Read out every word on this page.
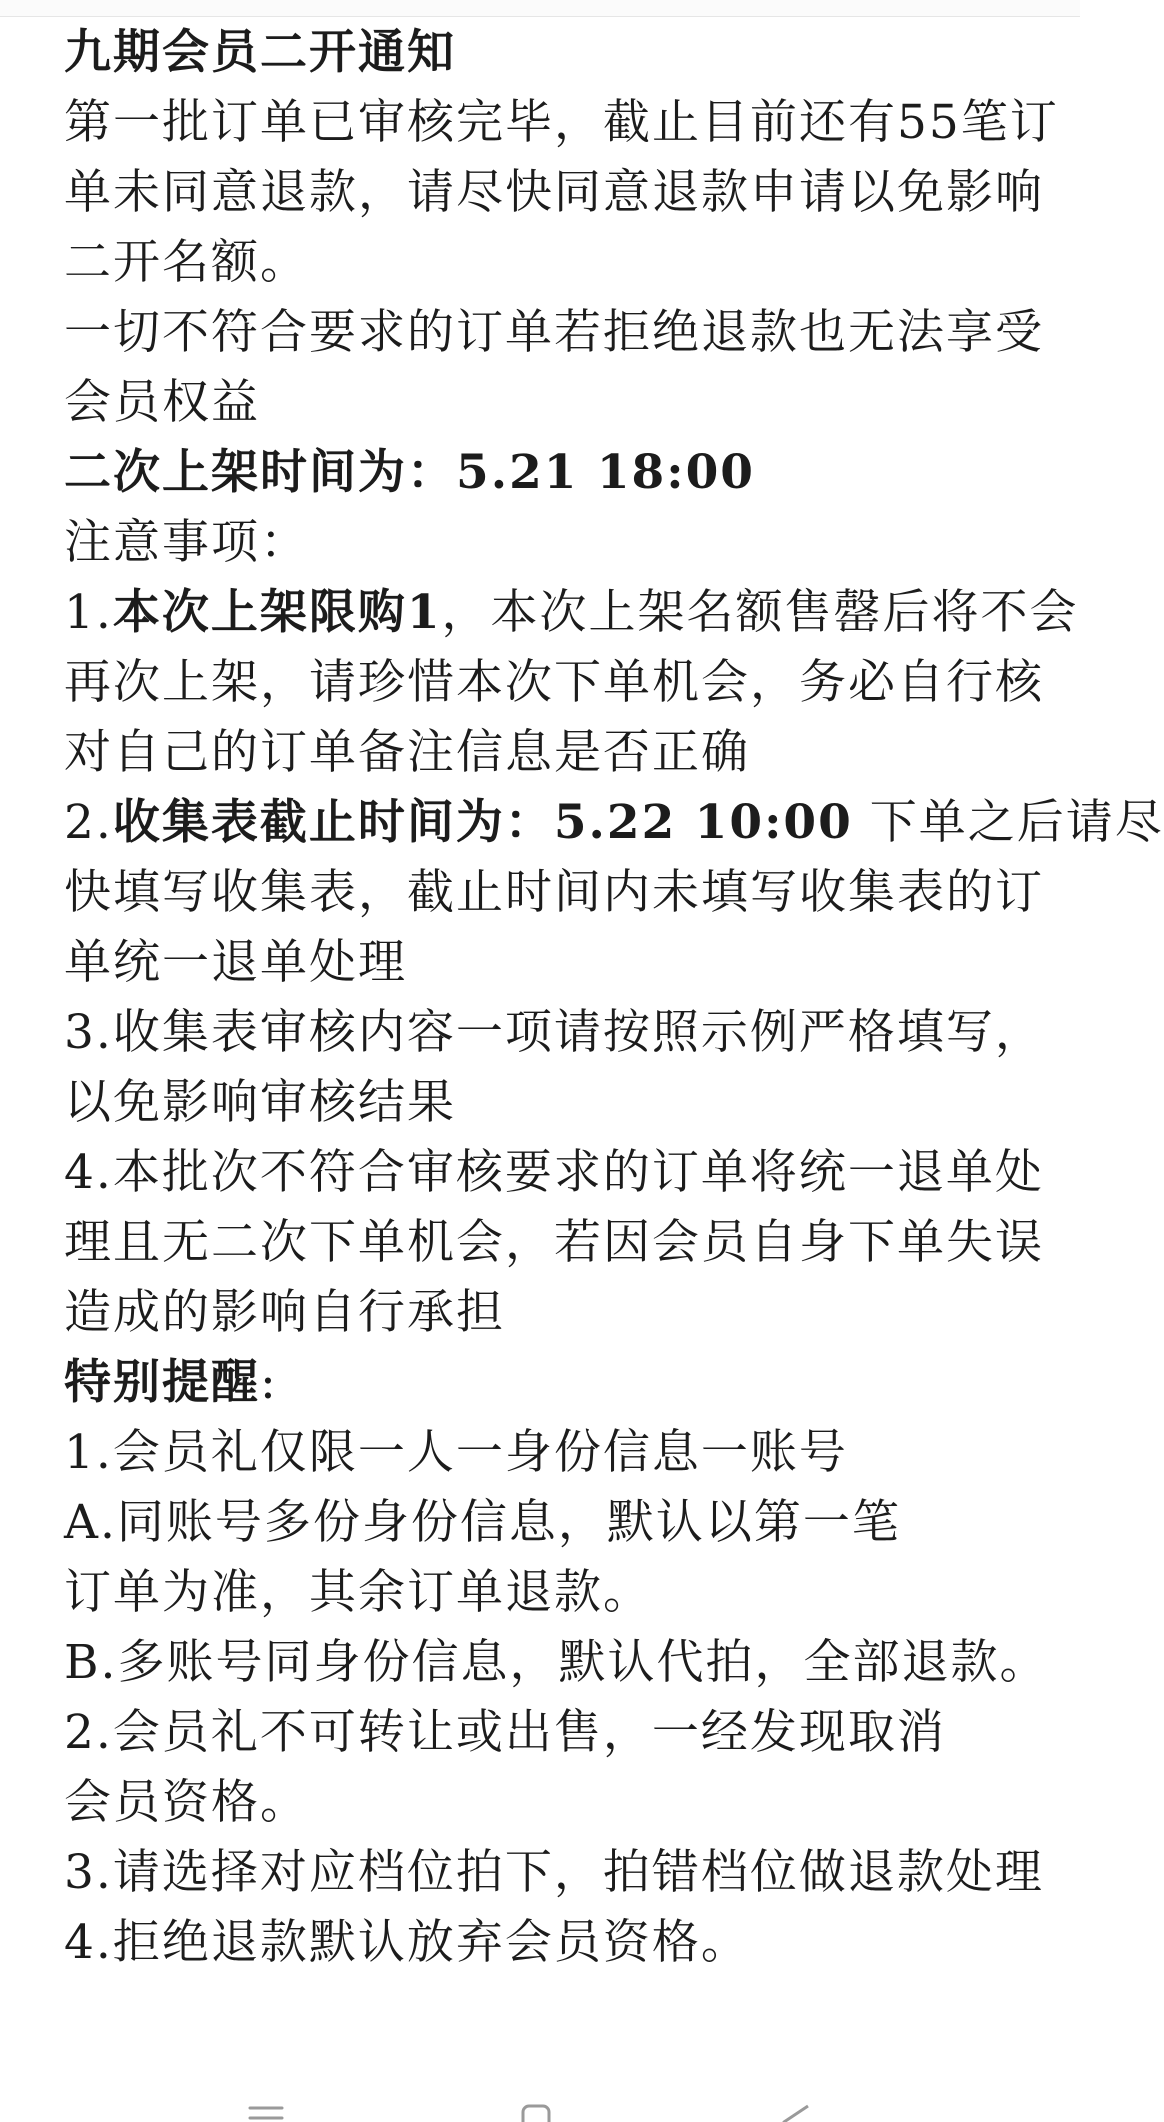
九期会员二开通知
第一批订单已审核完毕，截止目前还有55笔订
单未同意退款，请尽快同意退款申请以免影响
二开名额。
一切不符合要求的订单若拒绝退款也无法享受
会员权益
二次上架时间为：5.21 18:00
注意事项：
1.本次上架限购1，本次上架名额售罄后将不会
再次上架，请珍惜本次下单机会，务必自行核
对自己的订单备注信息是否正确
2.收集表截止时间为：5.22 10:00 下单之后请尽
快填写收集表，截止时间内未填写收集表的订
单统一退单处理
3.收集表审核内容一项请按照示例严格填写，
以免影响审核结果
4.本批次不符合审核要求的订单将统一退单处
理且无二次下单机会，若因会员自身下单失误
造成的影响自行承担
特别提醒:
1.会员礼仅限一人一身份信息一账号
A.同账号多份身份信息，默认以第一笔
订单为准，其余订单退款。
B.多账号同身份信息，默认代拍，全部退款。
2.会员礼不可转让或出售，一经发现取消
会员资格。
3.请选择对应档位拍下，拍错档位做退款处理
4.拒绝退款默认放弃会员资格。
